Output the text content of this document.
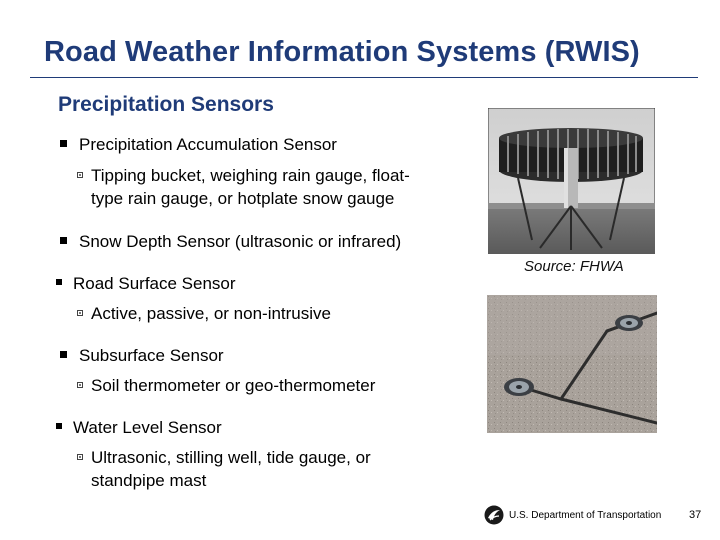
Road Weather Information Systems (RWIS)
Precipitation Sensors
Precipitation Accumulation Sensor
Tipping bucket, weighing rain gauge, float-
type rain gauge, or hotplate snow gauge
Snow Depth Sensor (ultrasonic or infrared)
Road Surface Sensor
Active, passive, or non-intrusive
Subsurface Sensor
Soil thermometer or geo-thermometer
Water Level Sensor
Ultrasonic, stilling well, tide gauge, or
standpipe mast
Source: FHWA
U.S. Department of Transportation	37
